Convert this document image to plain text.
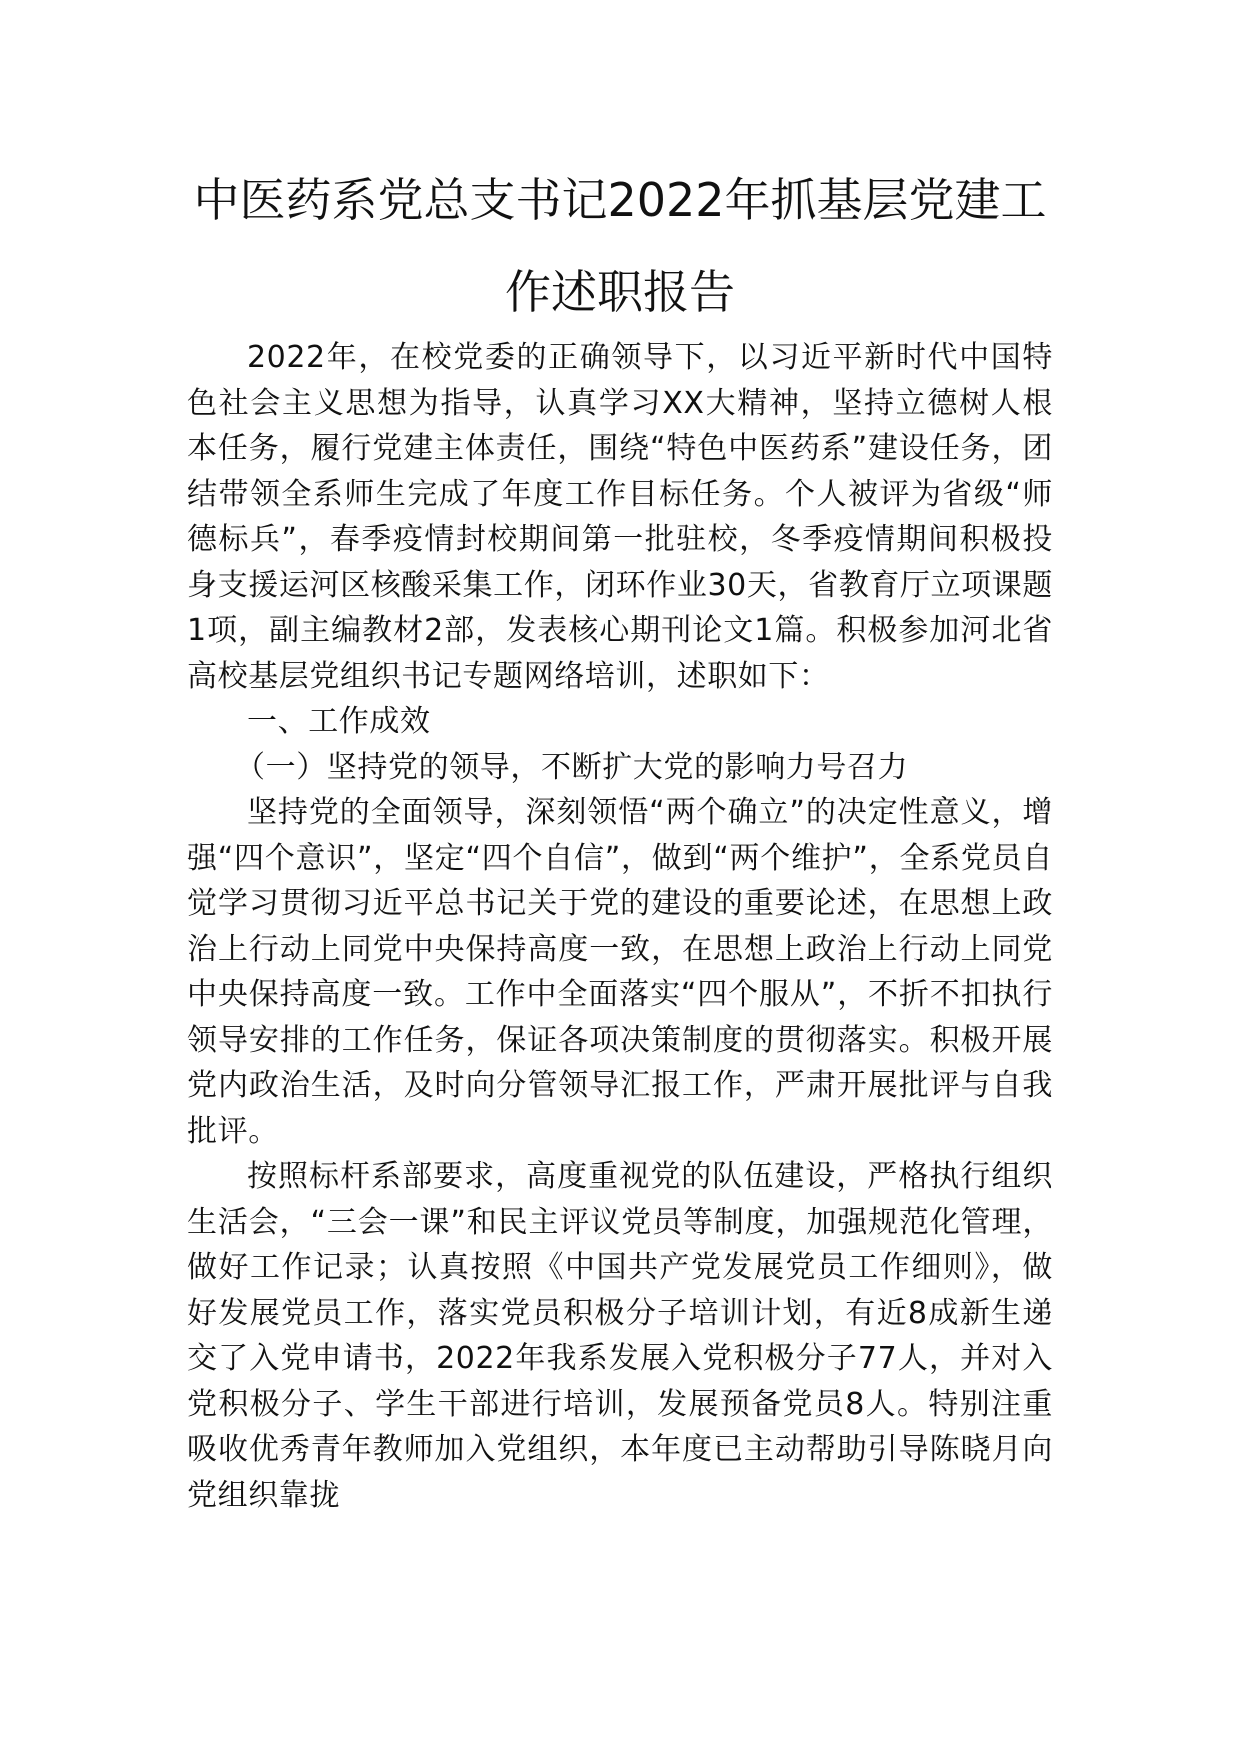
中医药系党总支书记2022年抓基层党建工
作述职报告

2022年，在校党委的正确领导下，以习近平新时代中国特色社会主义思想为指导，认真学习XX大精神，坚持立德树人根本任务，履行党建主体责任，围绕“特色中医药系”建设任务，团结带领全系师生完成了年度工作目标任务。个人被评为省级“师德标兵”，春季疫情封校期间第一批驻校，冬季疫情期间积极投身支援运河区核酸采集工作，闭环作业30天，省教育厅立项课题1项，副主编教材2部，发表核心期刊论文1篇。积极参加河北省高校基层党组织书记专题网络培训，述职如下：

一、工作成效

（一）坚持党的领导，不断扩大党的影响力号召力

坚持党的全面领导，深刻领悟“两个确立”的决定性意义，增强“四个意识”，坚定“四个自信”，做到“两个维护”，全系党员自觉学习贯彻习近平总书记关于党的建设的重要论述，在思想上政治上行动上同党中央保持高度一致，在思想上政治上行动上同党中央保持高度一致。工作中全面落实“四个服从”，不折不扣执行领导安排的工作任务，保证各项决策制度的贯彻落实。积极开展党内政治生活，及时向分管领导汇报工作，严肃开展批评与自我批评。

按照标杆系部要求，高度重视党的队伍建设，严格执行组织生活会，“三会一课”和民主评议党员等制度，加强规范化管理，做好工作记录；认真按照《中国共产党发展党员工作细则》，做好发展党员工作，落实党员积极分子培训计划，有近8成新生递交了入党申请书，2022年我系发展入党积极分子77人，并对入党积极分子、学生干部进行培训，发展预备党员8人。特别注重吸收优秀青年教师加入党组织，本年度已主动帮助引导陈晓月向党组织靠拢
